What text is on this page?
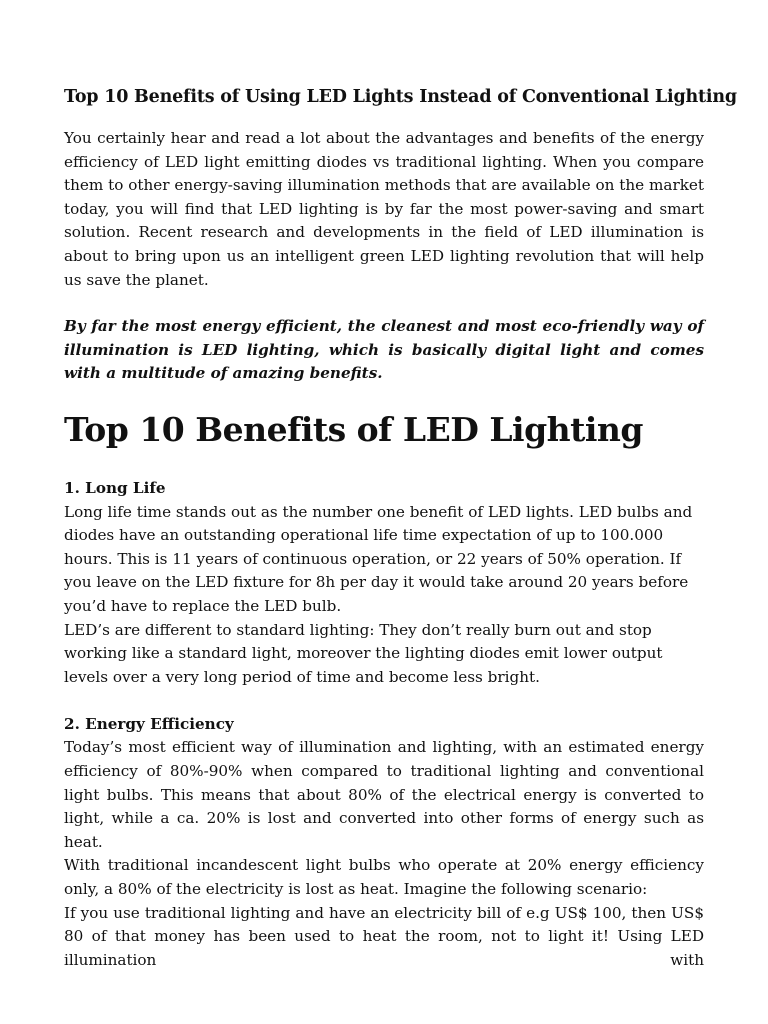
Top 10 Benefits of Using LED Lights Instead of Conventional Lighting

You certainly hear and read a lot about the advantages and benefits of the energy efficiency of LED light emitting diodes vs traditional lighting. When you compare them to other energy-saving illumination methods that are available on the market today, you will find that LED lighting is by far the most power-saving and smart solution. Recent research and developments in the field of LED illumination is about to bring upon us an intelligent green LED lighting revolution that will help us save the planet.

By far the most energy efficient, the cleanest and most eco-friendly way of illumination is LED lighting, which is basically digital light and comes with a multitude of amazing benefits.

Top 10 Benefits of LED Lighting
1. Long Life

Long life time stands out as the number one benefit of LED lights. LED bulbs and diodes have an outstanding operational life time expectation of up to 100.000 hours. This is 11 years of continuous operation, or 22 years of 50% operation. If you leave on the LED fixture for 8h per day it would take around 20 years before you’d have to replace the LED bulb.

LED’s are different to standard lighting: They don’t really burn out and stop working like a standard light, moreover the lighting diodes emit lower output levels over a very long period of time and become less bright.

2. Energy Efficiency

Today’s most efficient way of illumination and lighting, with an estimated energy efficiency of 80%-90% when compared to traditional lighting and conventional light bulbs. This means that about 80% of the electrical energy is converted to light, while a ca. 20% is lost and converted into other forms of energy such as heat.

With traditional incandescent light bulbs who operate at 20% energy efficiency only, a 80% of the electricity is lost as heat. Imagine the following scenario:

If you use traditional lighting and have an electricity bill of e.g US$ 100, then US$ 80 of that money has been used to heat the room, not to light it! Using LED illumination with
